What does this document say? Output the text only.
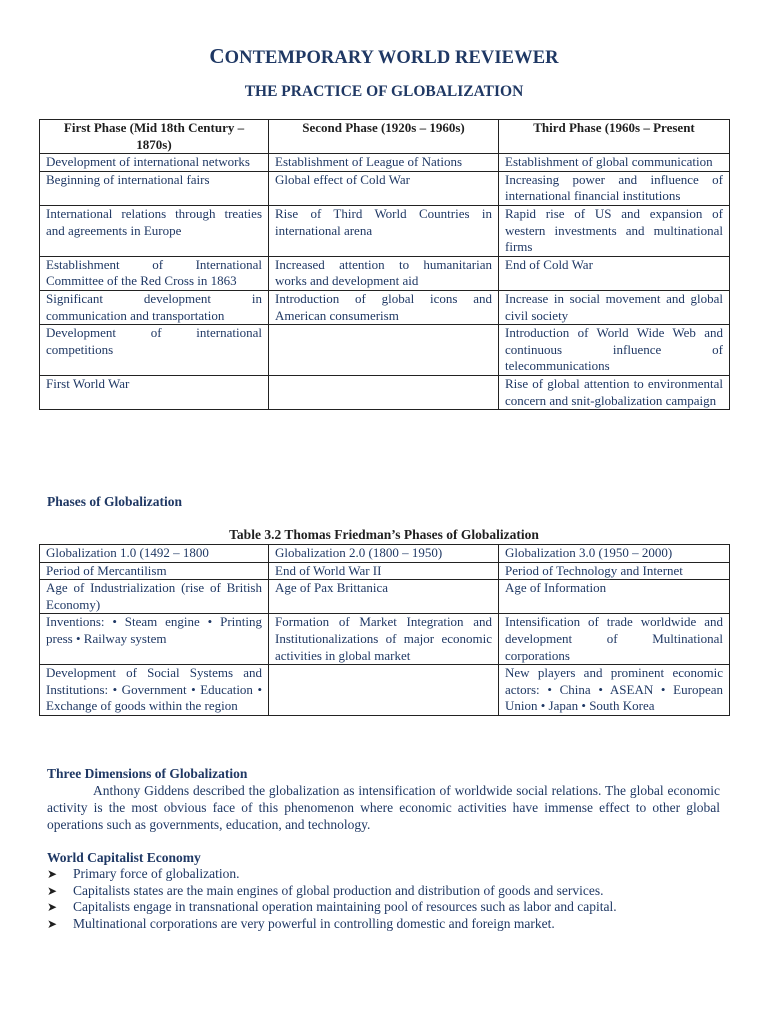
CONTEMPORARY WORLD REVIEWER
THE PRACTICE OF GLOBALIZATION
First Phase (Mid 18th Century – 1870s)	Second Phase (1920s – 1960s)	Third Phase (1960s – Present
Development of international networks	Establishment of League of Nations	Establishment of global communication
Beginning of international fairs	Global effect of Cold War	Increasing power and influence of international financial institutions
International relations through treaties and agreements in Europe	Rise of Third World Countries in international arena	Rapid rise of US and expansion of western investments and multinational firms
Establishment of International Committee of the Red Cross in 1863	Increased attention to humanitarian works and development aid	End of Cold War
Significant development in communication and transportation	Introduction of global icons and American consumerism	Increase in social movement and global civil society
Development of international competitions		Introduction of World Wide Web and continuous influence of telecommunications
First World War		Rise of global attention to environmental concern and snit-globalization campaign
Phases of Globalization
Table 3.2 Thomas Friedman’s Phases of Globalization
Globalization 1.0 (1492 – 1800	Globalization 2.0 (1800 – 1950)	Globalization 3.0 (1950 – 2000)
Period of Mercantilism	End of World War II	Period of Technology and Internet
Age of Industrialization (rise of British Economy)	Age of Pax Brittanica	Age of Information
Inventions: • Steam engine • Printing press • Railway system	Formation of Market Integration and Institutionalizations of major economic activities in global market	Intensification of trade worldwide and development of Multinational corporations
Development of Social Systems and Institutions: • Government • Education • Exchange of goods within the region		New players and prominent economic actors: • China • ASEAN • European Union • Japan • South Korea
Three Dimensions of Globalization

Anthony Giddens described the globalization as intensification of worldwide social relations. The global economic activity is the most obvious face of this phenomenon where economic activities have immense effect to other global operations such as governments, education, and technology.

World Capitalist Economy
➤ Primary force of globalization.
➤ Capitalists states are the main engines of global production and distribution of goods and services.
➤ Capitalists engage in transnational operation maintaining pool of resources such as labor and capital.
➤ Multinational corporations are very powerful in controlling domestic and foreign market.
